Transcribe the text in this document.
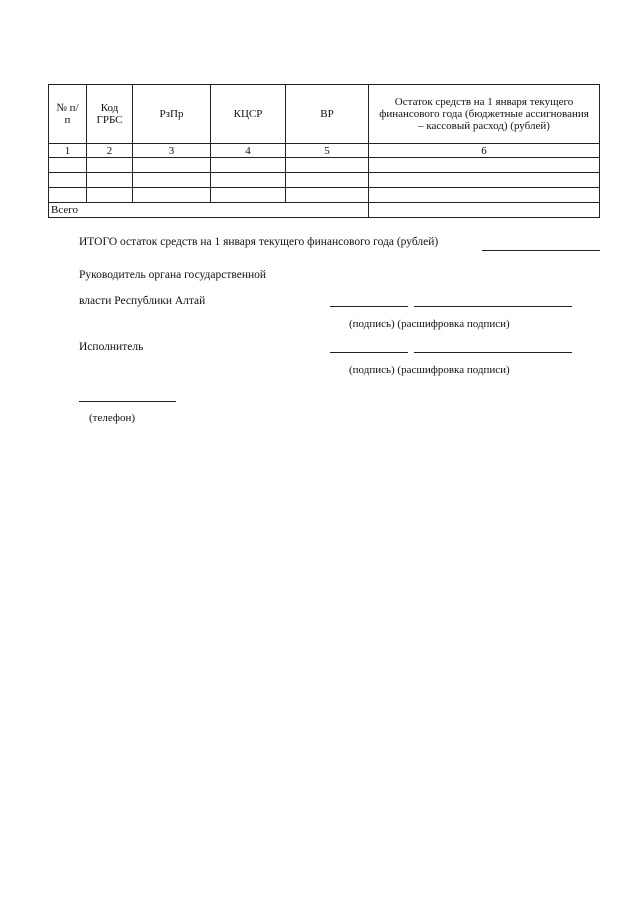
№ п/п	Код ГРБС	РзПр	КЦСР	ВР	Остаток средств на 1 января текущего финансового года (бюджетные ассигнования – кассовый расход) (рублей)
1	2	3	4	5	6

Всего					
ИТОГО остаток средств на 1 января текущего финансового года (рублей)
Руководитель органа государственной
власти Республики Алтай
(подпись) (расшифровка подписи)
Исполнитель
(подпись) (расшифровка подписи)
(телефон)
